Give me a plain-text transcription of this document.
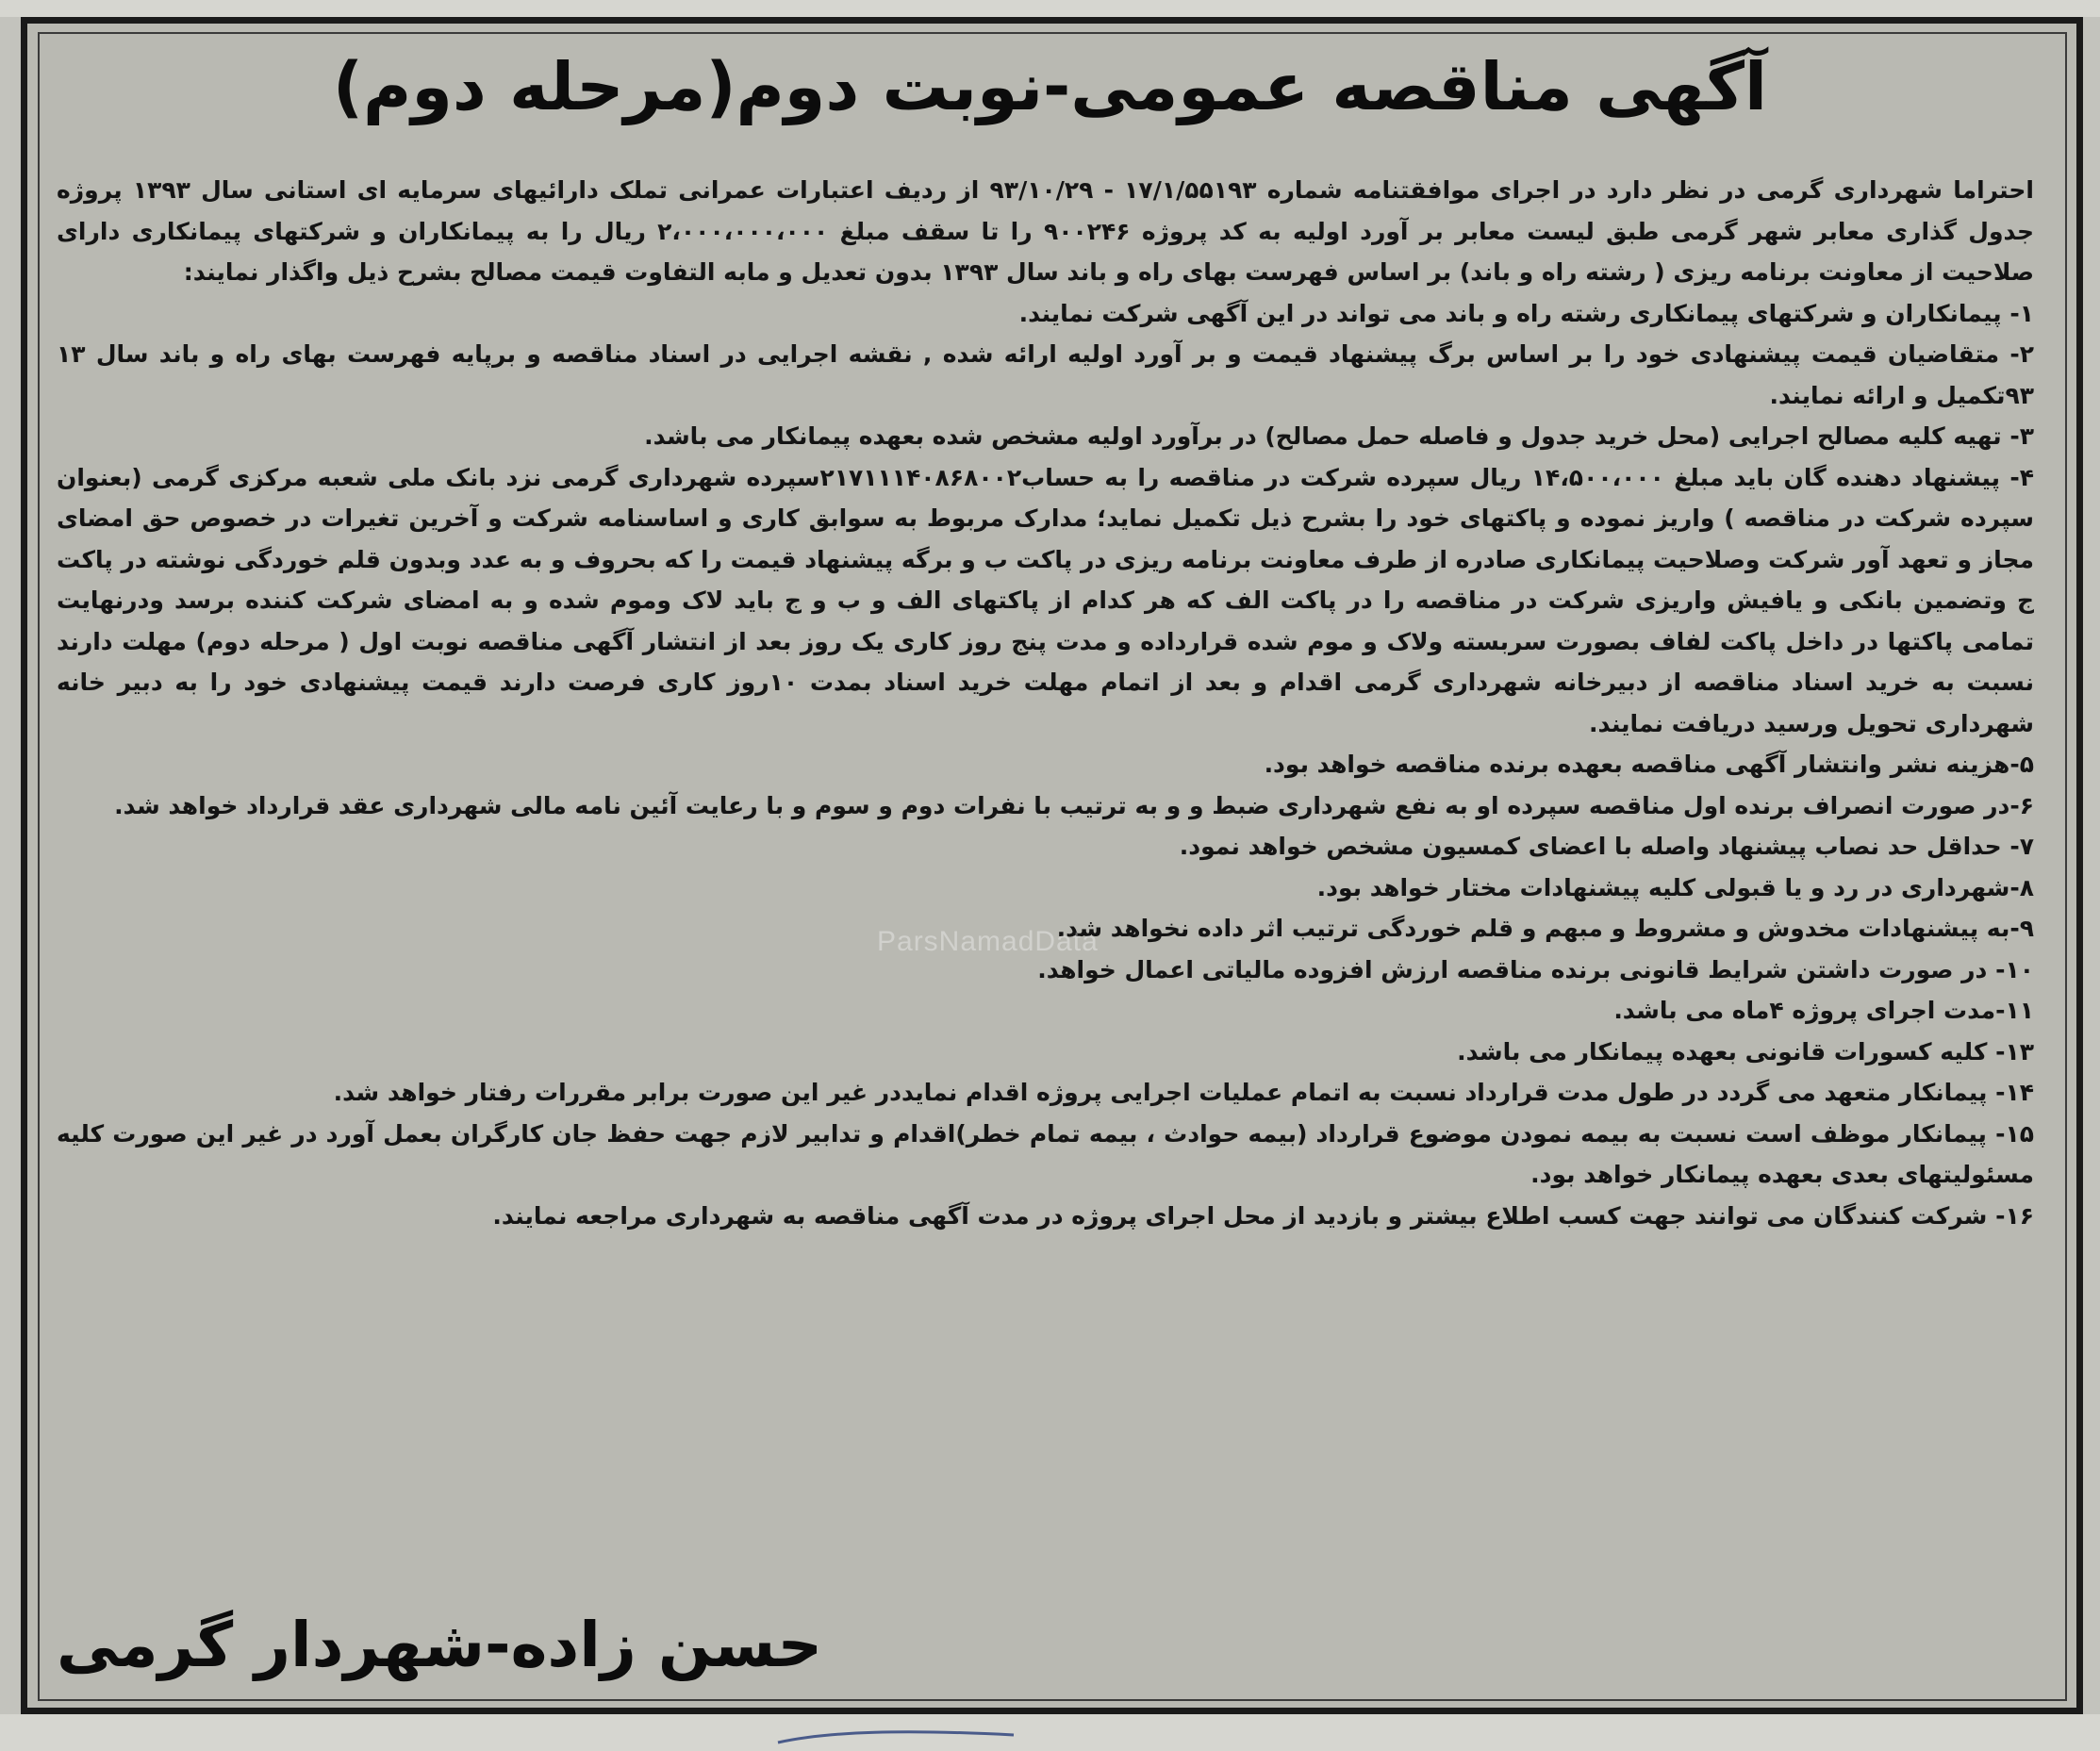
آگهی مناقصه عمومی-نوبت دوم(مرحله دوم)

احتراما شهرداری گرمی در نظر دارد در اجرای موافقتنامه شماره ۱۷/۱/۵۵۱۹۳ - ۹۳/۱۰/۲۹ از ردیف اعتبارات عمرانی تملک دارائیهای سرمایه ای استانی سال ۱۳۹۳ پروژه جدول گذاری معابر شهر گرمی طبق لیست معابر بر آورد اولیه به کد پروژه ۹۰۰۲۴۶ را تا سقف مبلغ ۲،۰۰۰،۰۰۰،۰۰۰ ریال را به پیمانکاران و شرکتهای پیمانکاری دارای صلاحیت از معاونت برنامه ریزی ( رشته راه و باند) بر اساس فهرست بهای راه و باند سال ۱۳۹۳ بدون تعدیل و مابه التفاوت قیمت مصالح بشرح ذیل واگذار نمایند:

۱- پیمانکاران و شرکتهای پیمانکاری رشته راه و باند می تواند در این آگهی شرکت نمایند.

۲- متقاضیان قیمت پیشنهادی خود را بر اساس برگ پیشنهاد قیمت و بر آورد اولیه ارائه شده , نقشه اجرایی در اسناد مناقصه و برپایه فهرست بهای راه و باند سال ۱۳ ۹۳تکمیل و ارائه نمایند.

۳- تهیه کلیه مصالح اجرایی (محل خرید جدول و فاصله حمل مصالح) در برآورد اولیه مشخص شده بعهده پیمانکار می باشد.

۴- پیشنهاد دهنده گان باید مبلغ ۱۴،۵۰۰،۰۰۰ ریال سپرده شرکت در مناقصه را به حساب۲۱۷۱۱۱۴۰۸۶۸۰۰۲سپرده شهرداری گرمی نزد بانک ملی شعبه مرکزی گرمی (بعنوان سپرده شرکت در مناقصه ) واریز نموده و پاکتهای خود را بشرح ذیل تکمیل نماید؛ مدارک مربوط به سوابق کاری و اساسنامه شرکت و آخرین تغیرات در خصوص حق امضای مجاز و تعهد آور شرکت وصلاحیت پیمانکاری صادره از طرف معاونت برنامه ریزی در پاکت ب و برگه پیشنهاد قیمت را که بحروف و به عدد وبدون قلم خوردگی نوشته در پاکت ج وتضمین بانکی و یافیش واریزی شرکت در مناقصه را در پاکت الف که هر کدام از پاکتهای الف و ب و ج باید لاک وموم شده و به امضای شرکت کننده برسد ودرنهایت تمامی پاکتها در داخل پاکت لفاف بصورت سربسته ولاک و موم شده قرارداده و مدت پنج روز کاری یک روز بعد از انتشار آگهی مناقصه نوبت اول ( مرحله دوم) مهلت دارند نسبت به خرید اسناد مناقصه از دبیرخانه شهرداری گرمی اقدام و بعد از اتمام مهلت خرید اسناد بمدت ۱۰روز کاری فرصت دارند قیمت پیشنهادی خود را به دبیر خانه شهرداری تحویل ورسید دریافت نمایند.

۵-هزینه نشر وانتشار آگهی مناقصه بعهده برنده مناقصه خواهد بود.

۶-در صورت انصراف برنده اول مناقصه سپرده او به نفع شهرداری ضبط و و به ترتیب با نفرات دوم و سوم و با رعایت آئین نامه مالی شهرداری عقد قرارداد خواهد شد.

۷- حداقل حد نصاب پیشنهاد واصله با اعضای کمسیون مشخص خواهد نمود.

۸-شهرداری در رد و یا قبولی کلیه پیشنهادات مختار خواهد بود.

۹-به پیشنهادات مخدوش و مشروط و مبهم و قلم خوردگی ترتیب اثر داده نخواهد شد.

۱۰- در صورت داشتن شرایط قانونی برنده مناقصه ارزش افزوده مالیاتی اعمال خواهد.

۱۱-مدت اجرای پروژه ۴ماه می باشد.

۱۳- کلیه کسورات قانونی بعهده پیمانکار می باشد.

۱۴- پیمانکار متعهد می گردد در طول مدت قرارداد نسبت به اتمام عملیات اجرایی پروژه اقدام نمایددر غیر این صورت برابر مقررات رفتار خواهد شد.

۱۵- پیمانکار موظف است نسبت به بیمه نمودن موضوع قرارداد (بیمه حوادث ، بیمه تمام خطر)اقدام و تدابیر لازم جهت حفظ جان کارگران بعمل آورد در غیر این صورت کلیه مسئولیتهای بعدی بعهده پیمانکار خواهد بود.

۱۶- شرکت کنندگان می توانند جهت کسب اطلاع بیشتر و بازدید از محل اجرای پروژه در مدت آگهی مناقصه به شهرداری مراجعه نمایند.

ParsNamadData
حسن زاده-شهردار گرمی
